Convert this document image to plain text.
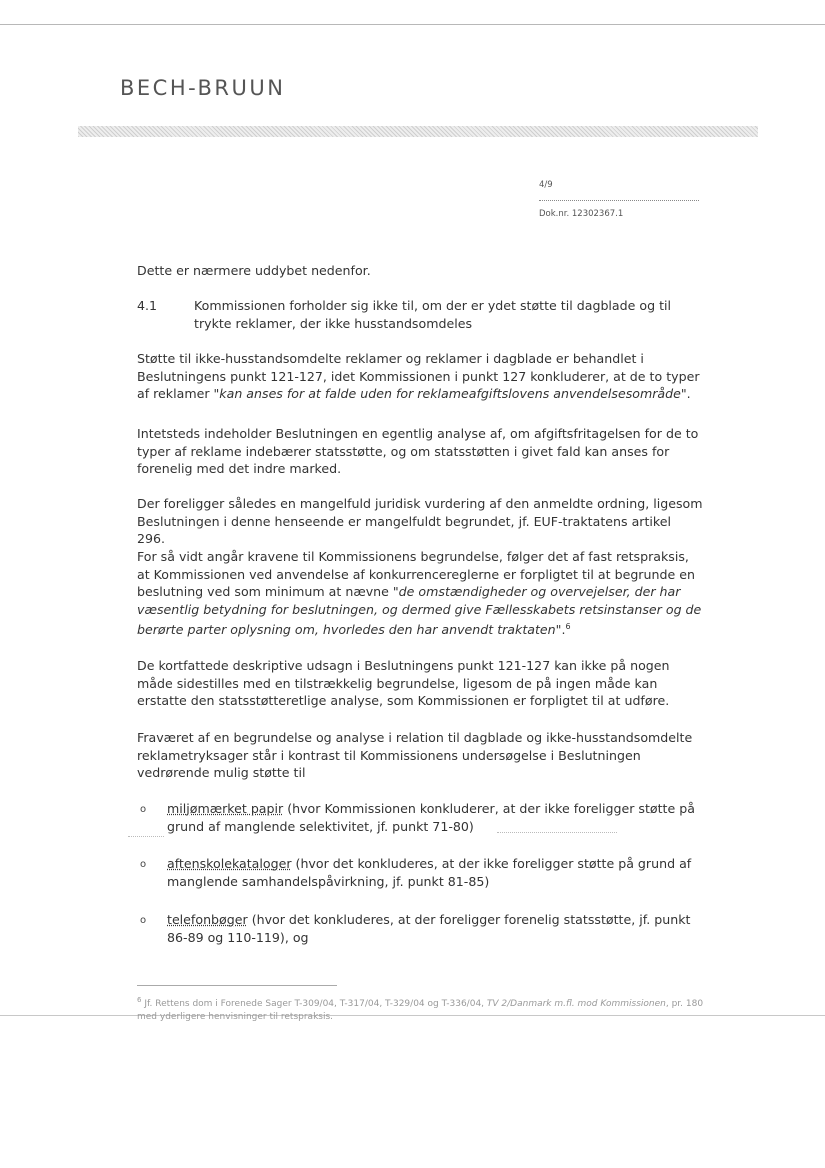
BECH-BRUUN
4/9
Dok.nr. 12302367.1

Dette er nærmere uddybet nedenfor.

4.1	Kommissionen forholder sig ikke til, om der er ydet støtte til dagblade og til trykte reklamer, der ikke husstandsomdeles

Støtte til ikke-husstandsomdelte reklamer og reklamer i dagblade er behandlet i Beslutningens punkt 121-127, idet Kommissionen i punkt 127 konkluderer, at de to typer af reklamer "kan anses for at falde uden for reklameafgiftslovens anvendelsesområde".

Intetsteds indeholder Beslutningen en egentlig analyse af, om afgiftsfritagelsen for de to typer af reklame indebærer statsstøtte, og om statsstøtten i givet fald kan anses for forenelig med det indre marked.

Der foreligger således en mangelfuld juridisk vurdering af den anmeldte ordning, ligesom Beslutningen i denne henseende er mangelfuldt begrundet, jf. EUF-traktatens artikel 296.

For så vidt angår kravene til Kommissionens begrundelse, følger det af fast retspraksis, at Kommissionen ved anvendelse af konkurrencereglerne er forpligtet til at begrunde en beslutning ved som minimum at nævne "de omstændigheder og overvejelser, der har væsentlig betydning for beslutningen, og dermed give Fællesskabets retsinstanser og de berørte parter oplysning om, hvorledes den har anvendt traktaten".$^6$

De kortfattede deskriptive udsagn i Beslutningens punkt 121-127 kan ikke på nogen måde sidestilles med en tilstrækkelig begrundelse, ligesom de på ingen måde kan erstatte den statsstøtteretlige analyse, som Kommissionen er forpligtet til at udføre.

Fraværet af en begrundelse og analyse i relation til dagblade og ikke-husstandsomdelte reklametryksager står i kontrast til Kommissionens undersøgelse i Beslutningen vedrørende mulig støtte til

o miljømærket papir (hvor Kommissionen konkluderer, at der ikke foreligger støtte på grund af manglende selektivitet, jf. punkt 71-80)
o aftenskolekataloger (hvor det konkluderes, at der ikke foreligger støtte på grund af manglende samhandelspåvirkning, jf. punkt 81-85)
o telefonbøger (hvor det konkluderes, at der foreligger forenelig statsstøtte, jf. punkt 86-89 og 110-119), og
$^6$ Jf. Rettens dom i Forenede Sager T-309/04, T-317/04, T-329/04 og T-336/04, TV 2/Danmark m.fl. mod Kommissionen, pr. 180 med yderligere henvisninger til retspraksis.
